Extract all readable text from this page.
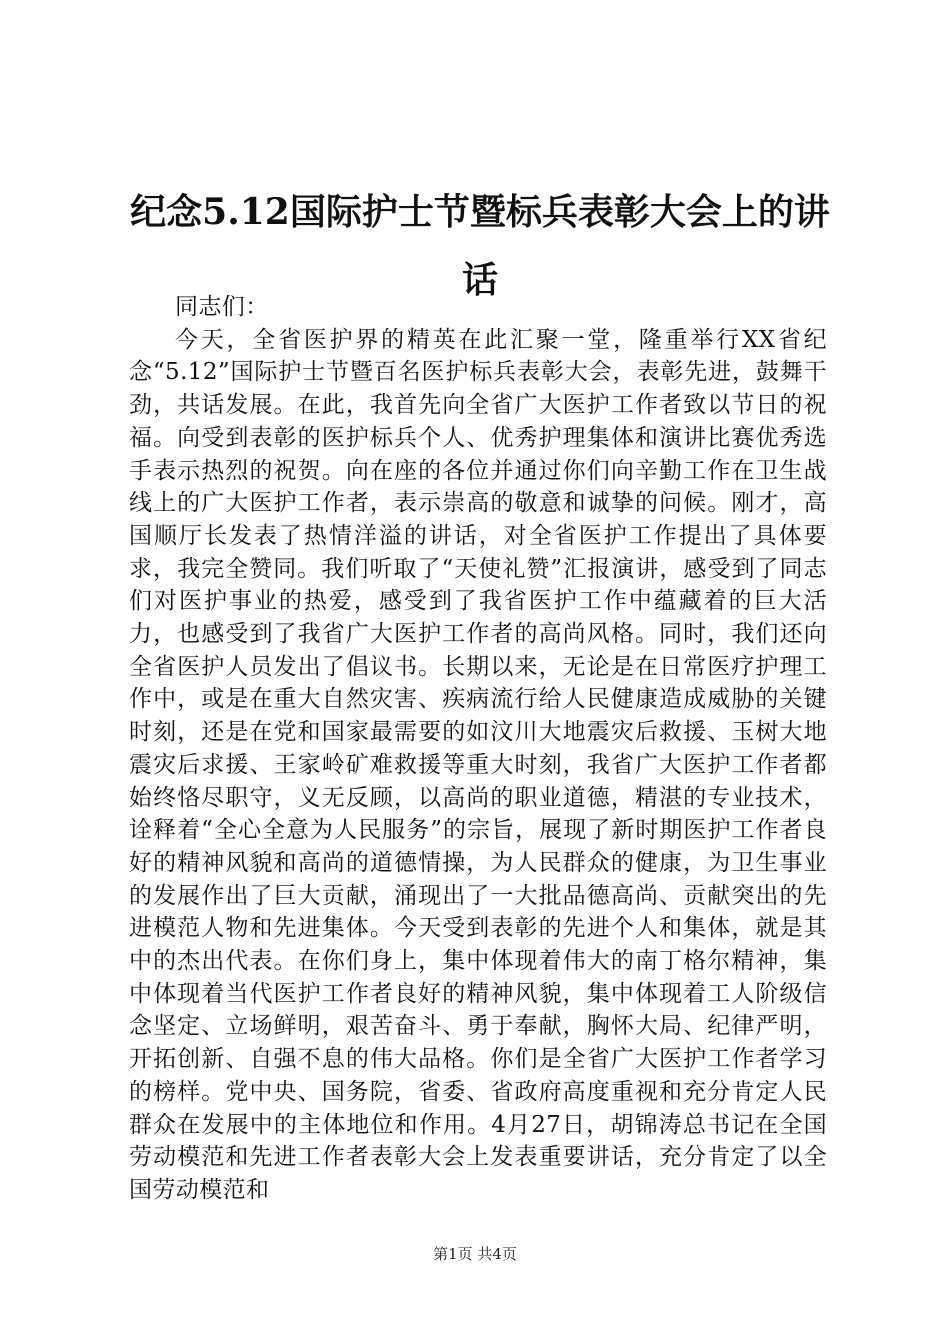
纪念5.12国际护士节暨标兵表彰大会上的讲话

同志们：

今天，全省医护界的精英在此汇聚一堂，隆重举行XX省纪念“5.12”国际护士节暨百名医护标兵表彰大会，表彰先进，鼓舞干劲，共话发展。在此，我首先向全省广大医护工作者致以节日的祝福。向受到表彰的医护标兵个人、优秀护理集体和演讲比赛优秀选手表示热烈的祝贺。向在座的各位并通过你们向辛勤工作在卫生战线上的广大医护工作者，表示崇高的敬意和诚挚的问候。刚才，高国顺厅长发表了热情洋溢的讲话，对全省医护工作提出了具体要求，我完全赞同。我们听取了“天使礼赞”汇报演讲，感受到了同志们对医护事业的热爱，感受到了我省医护工作中蕴藏着的巨大活力，也感受到了我省广大医护工作者的高尚风格。同时，我们还向全省医护人员发出了倡议书。长期以来，无论是在日常医疗护理工作中，或是在重大自然灾害、疾病流行给人民健康造成威胁的关键时刻，还是在党和国家最需要的如汶川大地震灾后救援、玉树大地震灾后求援、王家岭矿难救援等重大时刻，我省广大医护工作者都始终恪尽职守，义无反顾，以高尚的职业道德，精湛的专业技术，诠释着“全心全意为人民服务”的宗旨，展现了新时期医护工作者良好的精神风貌和高尚的道德情操，为人民群众的健康，为卫生事业的发展作出了巨大贡献，涌现出了一大批品德高尚、贡献突出的先进模范人物和先进集体。今天受到表彰的先进个人和集体，就是其中的杰出代表。在你们身上，集中体现着伟大的南丁格尔精神，集中体现着当代医护工作者良好的精神风貌，集中体现着工人阶级信念坚定、立场鲜明，艰苦奋斗、勇于奉献，胸怀大局、纪律严明，开拓创新、自强不息的伟大品格。你们是全省广大医护工作者学习的榜样。党中央、国务院，省委、省政府高度重视和充分肯定人民群众在发展中的主体地位和作用。4月27日，胡锦涛总书记在全国劳动模范和先进工作者表彰大会上发表重要讲话，充分肯定了以全国劳动模范和

第1页 共4页
